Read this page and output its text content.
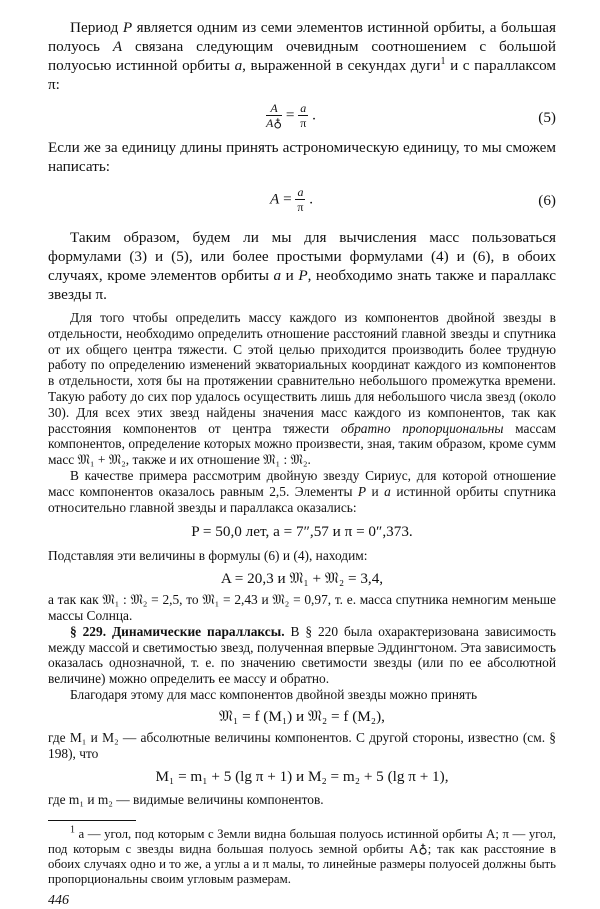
Период P является одним из семи элементов истинной орбиты, а большая полуось A связана следующим очевидным соотношением с большой полуосью истинной орбиты a, выраженной в секундах дуги$^1$ и с параллаксом π:

$\frac{A}{A♁} = \frac{a}{\pi}$ .	(5)

Если же за единицу длины принять астрономическую единицу, то мы сможем написать:

$A = \frac{a}{\pi}$ .	(6)

Таким образом, будем ли мы для вычисления масс пользоваться формулами (3) и (5), или более простыми формулами (4) и (6), в обоих случаях, кроме элементов орбиты a и P, необходимо знать также и параллакс звезды π.

Для того чтобы определить массу каждого из компонентов двойной звезды в отдельности, необходимо определить отношение расстояний главной звезды и спутника от их общего центра тяжести. С этой целью приходится производить более трудную работу по определению изменений экваториальных координат каждого из компонентов в отдельности, хотя бы на протяжении сравнительно небольшого промежутка времени. Такую работу до сих пор удалось осуществить лишь для небольшого числа звезд (около 30). Для всех этих звезд найдены значения масс каждого из компонентов, так как расстояния компонентов от центра тяжести обратно пропорциональны массам компонентов, определение которых можно произвести, зная, таким образом, кроме сумм масс 𝔐₁ + 𝔐₂, также и их отношение 𝔐₁ : 𝔐₂.

В качестве примера рассмотрим двойную звезду Сириус, для которой отношение масс компонентов оказалось равным 2,5. Элементы P и a истинной орбиты спутника относительно главной звезды и параллакса оказались:

P = 50,0 лет, a = 7″,57 и π = 0″,373.

Подставляя эти величины в формулы (6) и (4), находим:

A = 20,3 и 𝔐₁ + 𝔐₂ = 3,4,

а так как 𝔐₁ : 𝔐₂ = 2,5, то 𝔐₁ = 2,43 и 𝔐₂ = 0,97, т. е. масса спутника немногим меньше массы Солнца.

§ 229. Динамические параллаксы. В § 220 была охарактеризована зависимость между массой и светимостью звезд, полученная впервые Эддингтоном. Эта зависимость оказалась однозначной, т. е. по значению светимости звезды (или по ее абсолютной величине) можно определить ее массу и обратно.

Благодаря этому для масс компонентов двойной звезды можно принять

𝔐₁ = f (M₁) и 𝔐₂ = f (M₂),

где M₁ и M₂ — абсолютные величины компонентов. С другой стороны, известно (см. § 198), что

M₁ = m₁ + 5 (lg π + 1) и M₂ = m₂ + 5 (lg π + 1),

где m₁ и m₂ — видимые величины компонентов.

$^1$ a — угол, под которым с Земли видна большая полуось истинной орбиты A; π — угол, под которым с звезды видна большая полуось земной орбиты A♁; так как расстояние в обоих случаях одно и то же, а углы a и π малы, то линейные размеры полуосей должны быть пропорциональны своим угловым размерам.

446
